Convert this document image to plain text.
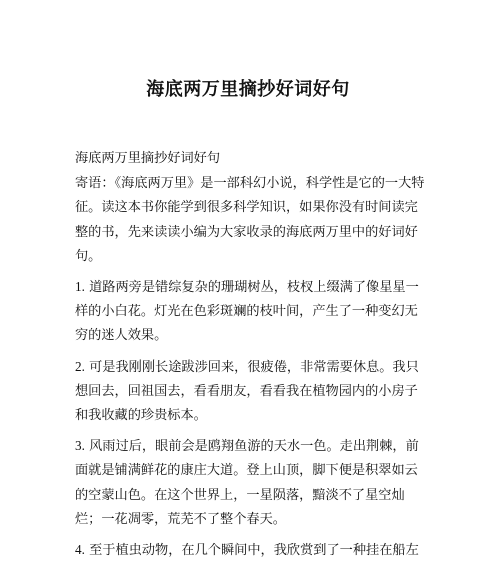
海底两万里摘抄好词好句

海底两万里摘抄好词好句

寄语：《海底两万里》是一部科幻小说，科学性是它的一大特征。读这本书你能学到很多科学知识，如果你没有时间读完整的书，先来读读小编为大家收录的海底两万里中的好词好句。

1. 道路两旁是错综复杂的珊瑚树丛，枝杈上缀满了像星星一样的小白花。灯光在色彩斑斓的枝叶间，产生了一种变幻无穷的迷人效果。

2. 可是我刚刚长途跋涉回来，很疲倦，非常需要休息。我只想回去，回祖国去，看看朋友，看看我在植物园内的小房子和我收藏的珍贵标本。

3. 风雨过后，眼前会是鸥翔鱼游的天水一色。走出荆棘，前面就是铺满鲜花的康庄大道。登上山顶，脚下便是积翠如云的空蒙山色。在这个世界上，一星陨落，黯淡不了星空灿烂；一花凋零，荒芜不了整个春天。

4. 至于植虫动物，在几个瞬间中，我欣赏到了一种挂在船左
